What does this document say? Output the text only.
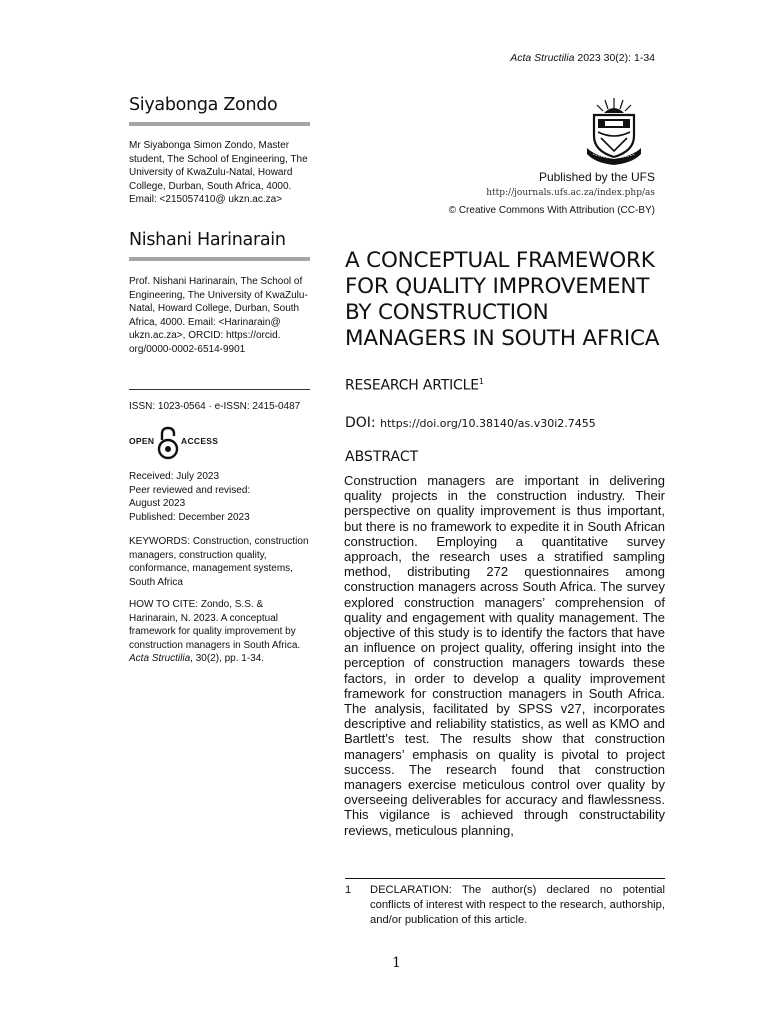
Acta Structilia 2023 30(2): 1-34
Published by the UFS
http://journals.ufs.ac.za/index.php/as
© Creative Commons With Attribution (CC-BY)
Siyabonga Zondo
Mr Siyabonga Simon Zondo, Master student, The School of Engineering, The University of KwaZulu-Natal, Howard College, Durban, South Africa, 4000. Email: <215057410@ ukzn.ac.za>
Nishani Harinarain
Prof. Nishani Harinarain, The School of Engineering, The University of KwaZulu-Natal, Howard College, Durban, South Africa, 4000. Email: <Harinarain@ ukzn.ac.za>, ORCID: https://orcid. org/0000-0002-6514-9901
ISSN: 1023-0564 · e-ISSN: 2415-0487
OPEN	ACCESS
Received: July 2023
Peer reviewed and revised:
August 2023
Published: December 2023
KEYWORDS: Construction, construction managers, construction quality, conformance, management systems, South Africa
HOW TO CITE: Zondo, S.S. & Harinarain, N. 2023. A conceptual framework for quality improvement by construction managers in South Africa. Acta Structilia, 30(2), pp. 1-34.
A CONCEPTUAL FRAMEWORK FOR QUALITY IMPROVEMENT BY CONSTRUCTION MANAGERS IN SOUTH AFRICA
RESEARCH ARTICLE$^1$
DOI: https://doi.org/10.38140/as.v30i2.7455
ABSTRACT
Construction managers are important in delivering quality projects in the construction industry. Their perspective on quality improvement is thus important, but there is no framework to expedite it in South African construction. Employing a quantitative survey approach, the research uses a stratified sampling method, distributing 272 questionnaires among construction managers across South Africa. The survey explored construction managers’ comprehension of quality and engagement with quality management. The objective of this study is to identify the factors that have an influence on project quality, offering insight into the perception of construction managers towards these factors, in order to develop a quality improvement framework for construction managers in South Africa. The analysis, facilitated by SPSS v27, incorporates descriptive and reliability statistics, as well as KMO and Bartlett’s test. The results show that construction managers’ emphasis on quality is pivotal to project success. The research found that construction managers exercise meticulous control over quality by overseeing deliverables for accuracy and flawlessness. This vigilance is achieved through constructability reviews, meticulous planning,
1 DECLARATION: The author(s) declared no potential conflicts of interest with respect to the research, authorship, and/or publication of this article.
1
